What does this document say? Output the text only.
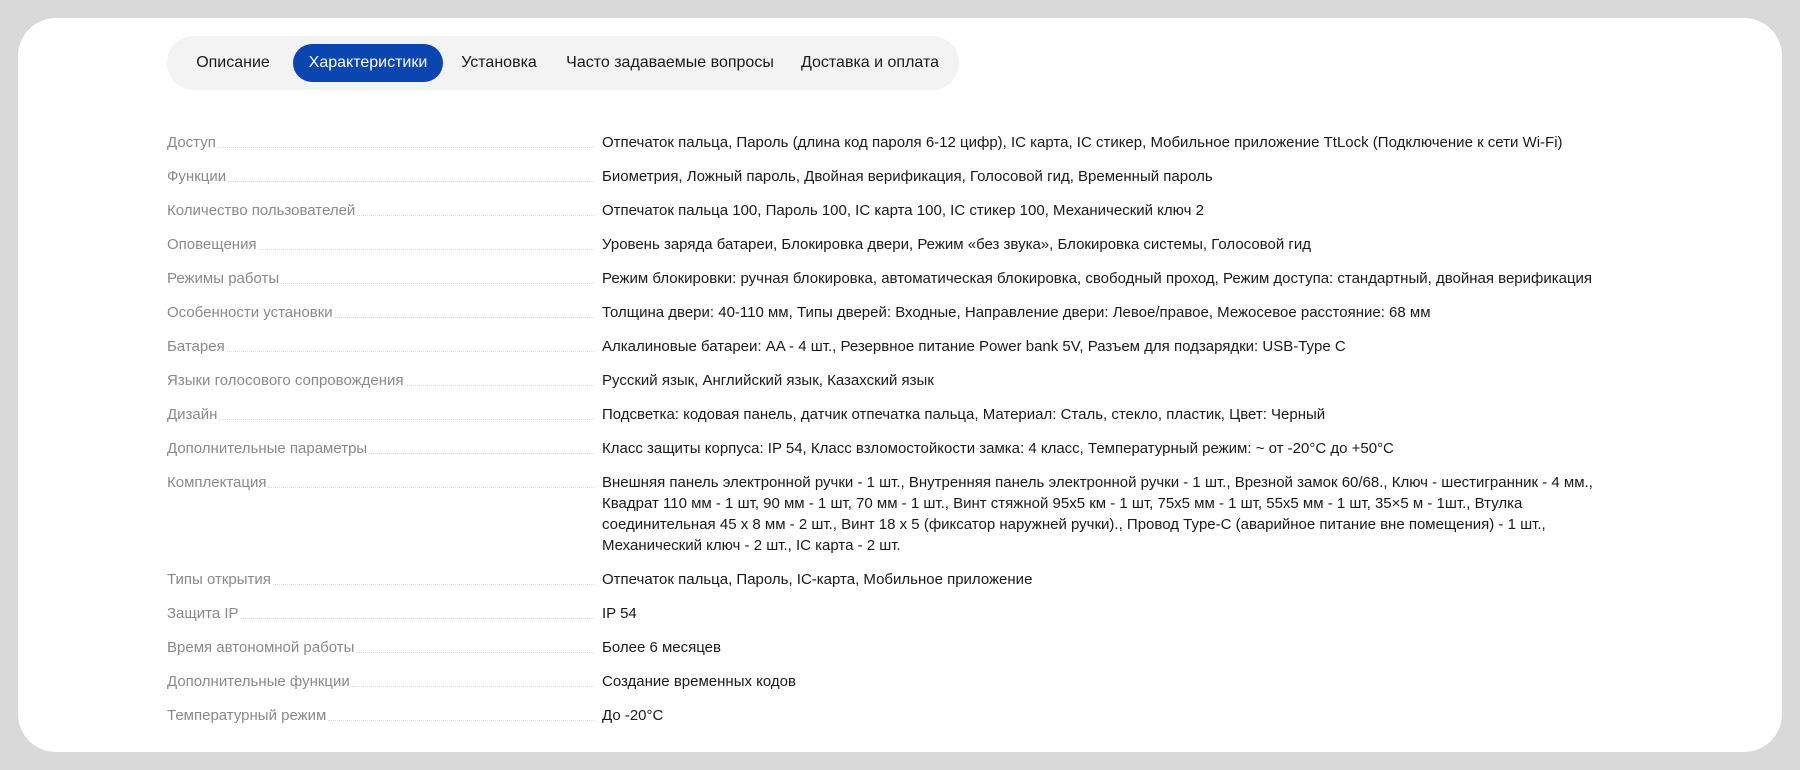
Описание	Характеристики	Установка	Часто задаваемые вопросы	Доставка и оплата
Доступ	Отпечаток пальца, Пароль (длина код пароля 6-12 цифр), IC карта, IC стикер, Мобильное приложение TtLock (Подключение к сети Wi-Fi)
Функции	Биометрия, Ложный пароль, Двойная верификация, Голосовой гид, Временный пароль
Количество пользователей	Отпечаток пальца 100, Пароль 100, IC карта 100, IC стикер 100, Механический ключ 2
Оповещения	Уровень заряда батареи, Блокировка двери, Режим «без звука», Блокировка системы, Голосовой гид
Режимы работы	Режим блокировки: ручная блокировка, автоматическая блокировка, свободный проход, Режим доступа: стандартный, двойная верификация
Особенности установки	Толщина двери: 40-110 мм, Типы дверей: Входные, Направление двери: Левое/правое, Межосевое расстояние: 68 мм
Батарея	Алкалиновые батареи: AA - 4 шт., Резервное питание Power bank 5V, Разъем для подзарядки: USB-Type C
Языки голосового сопровождения	Русский язык, Английский язык, Казахский язык
Дизайн	Подсветка: кодовая панель, датчик отпечатка пальца, Материал: Сталь, стекло, пластик, Цвет: Черный
Дополнительные параметры	Класс защиты корпуса: IP 54, Класс взломостойкости замка: 4 класс, Температурный режим: ~ от -20°C до +50°C
Комплектация	Внешняя панель электронной ручки - 1 шт., Внутренняя панель электронной ручки - 1 шт., Врезной замок 60/68., Ключ - шестигранник - 4 мм., Квадрат 110 мм - 1 шт, 90 мм - 1 шт, 70 мм - 1 шт., Винт стяжной 95х5 км - 1 шт, 75х5 мм - 1 шт, 55х5 мм - 1 шт, 35×5 м - 1шт., Втулка соединительная 45 х 8 мм - 2 шт., Винт 18 х 5 (фиксатор наружней ручки)., Провод Type-C (аварийное питание вне помещения) - 1 шт., Механический ключ - 2 шт., IC карта - 2 шт.
Типы открытия	Отпечаток пальца, Пароль, IC-карта, Мобильное приложение
Защита IP	IP 54
Время автономной работы	Более 6 месяцев
Дополнительные функции	Создание временных кодов
Температурный режим	До -20°C
